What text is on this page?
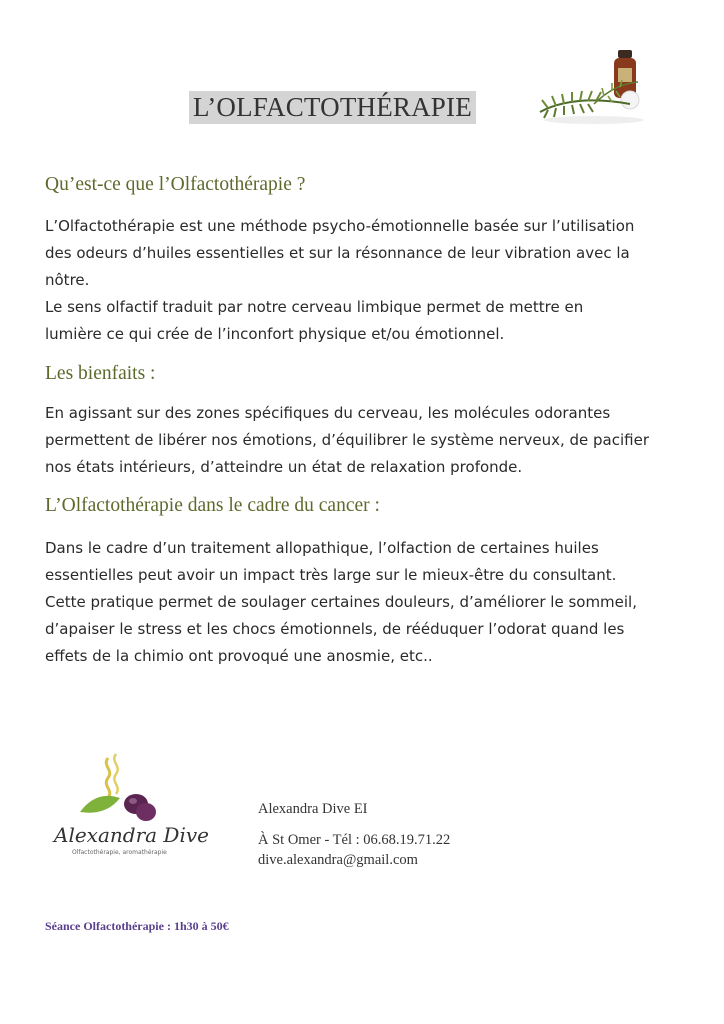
L’OLFACTOTHÉRAPIE
Qu’est-ce que l’Olfactothérapie ?

L’Olfactothérapie est une méthode psycho-émotionnelle basée sur l’utilisation
des odeurs d’huiles essentielles et sur la résonnance de leur vibration avec la
nôtre.
Le sens olfactif traduit par notre cerveau limbique permet de mettre en
lumière ce qui crée de l’inconfort physique et/ou émotionnel.

Les bienfaits :

En agissant sur des zones spécifiques du cerveau, les molécules odorantes
permettent de libérer nos émotions, d’équilibrer le système nerveux, de pacifier
nos états intérieurs, d’atteindre un état de relaxation profonde.

L’Olfactothérapie dans le cadre du cancer :

Dans le cadre d’un traitement allopathique, l’olfaction de certaines huiles
essentielles peut avoir un impact très large sur le mieux-être du consultant.
Cette pratique permet de soulager certaines douleurs, d’améliorer le sommeil,
d’apaiser le stress et les chocs émotionnels, de rééduquer l’odorat quand les
effets de la chimio ont provoqué une anosmie, etc..

Alexandra Dive
Olfactothérapie, aromathérapie
Alexandra Dive EI
À St Omer - Tél : 06.68.19.71.22
dive.alexandra@gmail.com
Séance Olfactothérapie : 1h30 à 50€
